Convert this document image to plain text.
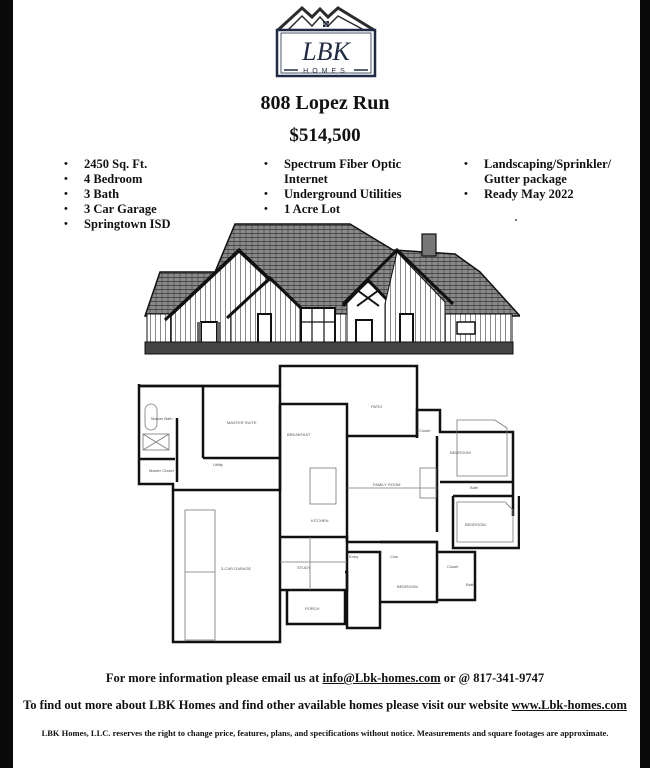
LBK
HOMES
808 Lopez Run
$514,500
• 2450 Sq. Ft.
• 4 Bedroom
• 3 Bath
• 3 Car Garage
• Springtown ISD
• Spectrum Fiber Optic
Internet
• Underground Utilities
• 1 Acre Lot
• Landscaping/Sprinkler/
Gutter package
• Ready May 2022
Master Bath
MASTER SUITE
Master Closet
Utility
PATIO
BREAKFAST
KITCHEN
FAMILY ROOM
BEDROOM
BEDROOM
BEDROOM
Bath
Bath
Closet
Closet
Clos
3-CAR GARAGE	STUDY
Entry
PORCH
For more information please email us at info@Lbk-homes.com or @ 817-341-9747
To find out more about LBK Homes and find other available homes please visit our website www.Lbk-homes.com
LBK Homes, LLC. reserves the right to change price, features, plans, and specifications without notice. Measurements and square footages are approximate.
